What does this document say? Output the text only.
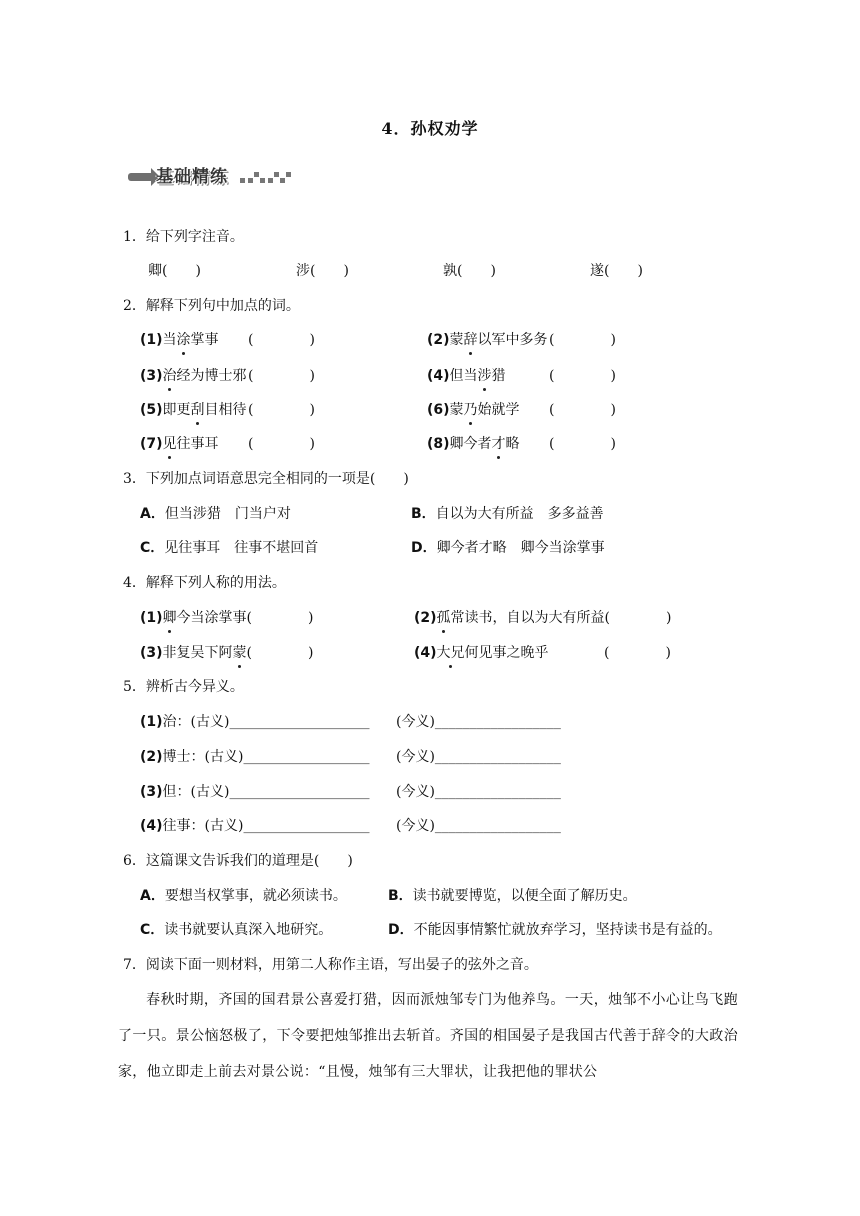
4．孙权劝学
基础精练
1．给下列字注音。
卿(　　)	涉(　　)	孰(　　)	遂(　　)
2．解释下列句中加点的词。
(1)当涂掌事 (　　　　)	(2)蒙辞以军中多务 (　　　　)
(3)治经为博士邪 (　　　　)	(4)但当涉猎	(　　　　)
(5)即更刮目相待 (　　　　)	(6)蒙乃始就学 (　　　　)
(7)见往事耳 (　　　　)	(8)卿今者才略 (　　　　)
3．下列加点词语意思完全相同的一项是(　　)
A．但当涉猎　门当户对	B．自以为大有所益　多多益善
C．见往事耳　往事不堪回首	D．卿今者才略　卿今当涂掌事
4．解释下列人称的用法。
(1)卿今当涂掌事(　　　　)	(2)孤常读书，自以为大有所益(　　　　)
(3)非复吴下阿蒙(　　　　)	(4)大兄何见事之晚乎	(　　　　)
5．辨析古今异义。
(1)治：(古义)____________________ (今义)__________________
(2)博士：(古义)__________________ (今义)__________________
(3)但：(古义)____________________ (今义)__________________
(4)往事：(古义)__________________ (今义)__________________
6．这篇课文告诉我们的道理是(　　)
A．要想当权掌事，就必须读书。	B．读书就要博览，以便全面了解历史。
C．读书就要认真深入地研究。	D．不能因事情繁忙就放弃学习，坚持读书是有益的。
7．阅读下面一则材料，用第二人称作主语，写出晏子的弦外之音。
春秋时期，齐国的国君景公喜爱打猎，因而派烛邹专门为他养鸟。一天，烛邹不小心让鸟飞跑了一只。景公恼怒极了，下令要把烛邹推出去斩首。齐国的相国晏子是我国古代善于辞令的大政治家，他立即走上前去对景公说：“且慢，烛邹有三大罪状，让我把他的罪状公
